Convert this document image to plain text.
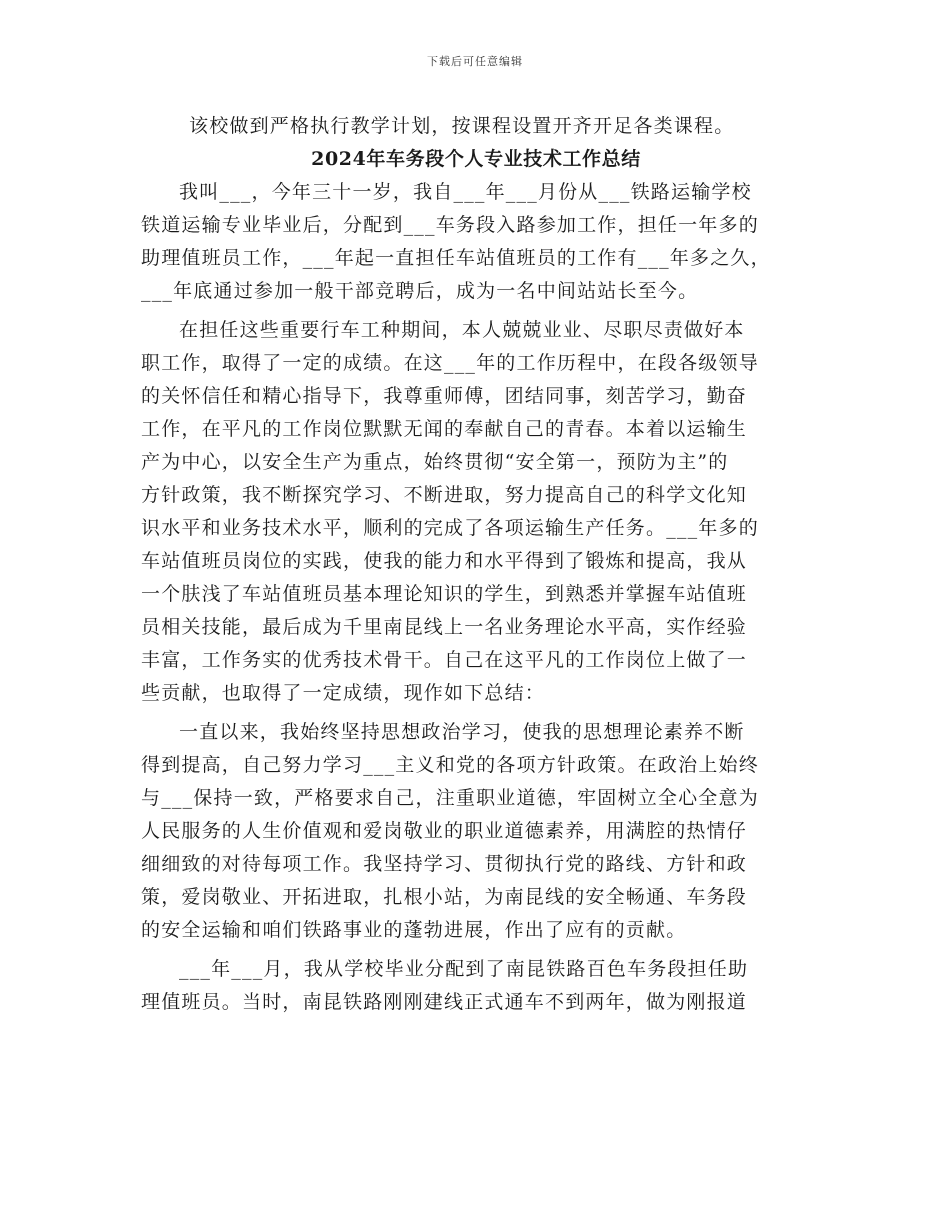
下载后可任意编辑
该校做到严格执行教学计划，按课程设置开齐开足各类课程。
2024年车务段个人专业技术工作总结
我叫___，今年三十一岁，我自___年___月份从___铁路运输学校
铁道运输专业毕业后，分配到___车务段入路参加工作，担任一年多的
助理值班员工作，___年起一直担任车站值班员的工作有___年多之久，
___年底通过参加一般干部竞聘后，成为一名中间站站长至今。
在担任这些重要行车工种期间，本人兢兢业业、尽职尽责做好本
职工作，取得了一定的成绩。在这___年的工作历程中，在段各级领导
的关怀信任和精心指导下，我尊重师傅，团结同事，刻苦学习，勤奋
工作，在平凡的工作岗位默默无闻的奉献自己的青春。本着以运输生
产为中心，以安全生产为重点，始终贯彻“安全第一，预防为主”的
方针政策，我不断探究学习、不断进取，努力提高自己的科学文化知
识水平和业务技术水平，顺利的完成了各项运输生产任务。___年多的
车站值班员岗位的实践，使我的能力和水平得到了锻炼和提高，我从
一个肤浅了车站值班员基本理论知识的学生，到熟悉并掌握车站值班
员相关技能，最后成为千里南昆线上一名业务理论水平高，实作经验
丰富，工作务实的优秀技术骨干。自己在这平凡的工作岗位上做了一
些贡献，也取得了一定成绩，现作如下总结：
一直以来，我始终坚持思想政治学习，使我的思想理论素养不断
得到提高，自己努力学习___主义和党的各项方针政策。在政治上始终
与___保持一致，严格要求自己，注重职业道德，牢固树立全心全意为
人民服务的人生价值观和爱岗敬业的职业道德素养，用满腔的热情仔
细细致的对待每项工作。我坚持学习、贯彻执行党的路线、方针和政
策，爱岗敬业、开拓进取，扎根小站，为南昆线的安全畅通、车务段
的安全运输和咱们铁路事业的蓬勃进展，作出了应有的贡献。
___年___月，我从学校毕业分配到了南昆铁路百色车务段担任助
理值班员。当时，南昆铁路刚刚建线正式通车不到两年，做为刚报道
